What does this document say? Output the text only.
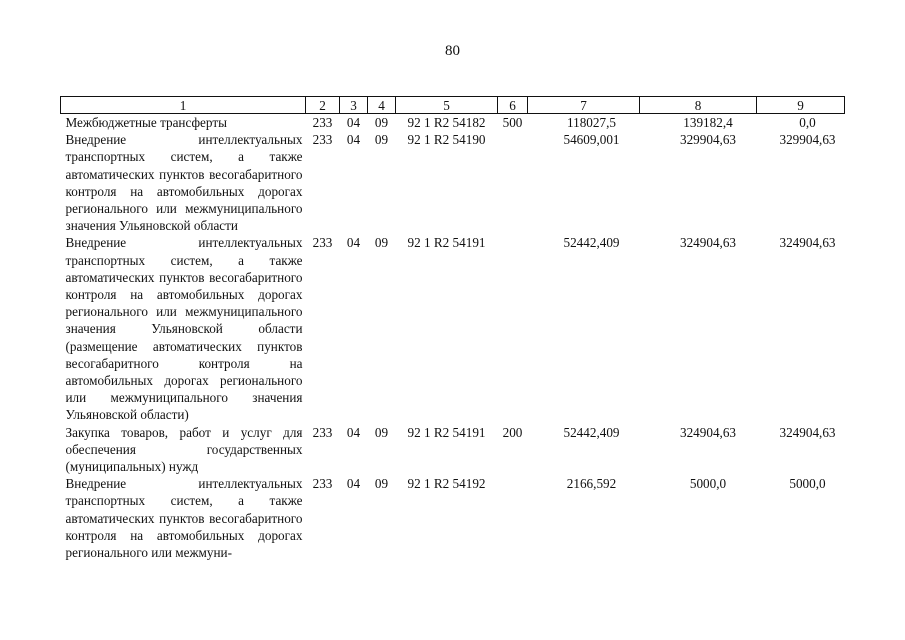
80
1	2	3	4	5	6	7	8	9
Межбюджетные трансферты	233	04	09	92 1 R2 54182	500	118027,5	139182,4	0,0
Внедрение интеллектуальных транспортных систем, а также автоматических пунктов весогабаритного контроля на автомобильных дорогах регионального или межмуниципального значения Ульяновской области	233	04	09	92 1 R2 54190		54609,001	329904,63	329904,63
Внедрение интеллектуальных транспортных систем, а также автоматических пунктов весогабаритного контроля на автомобильных дорогах регионального или межмуниципального значения Ульяновской области (размещение автоматических пунктов весогабаритного контроля на автомобильных дорогах регионального или межмуниципального значения Ульяновской области)	233	04	09	92 1 R2 54191		52442,409	324904,63	324904,63
Закупка товаров, работ и услуг для обеспечения государственных (муниципальных) нужд	233	04	09	92 1 R2 54191	200	52442,409	324904,63	324904,63
Внедрение интеллектуальных транспортных систем, а также автоматических пунктов весогабаритного контроля на автомобильных дорогах регионального или межмуни-	233	04	09	92 1 R2 54192		2166,592	5000,0	5000,0
